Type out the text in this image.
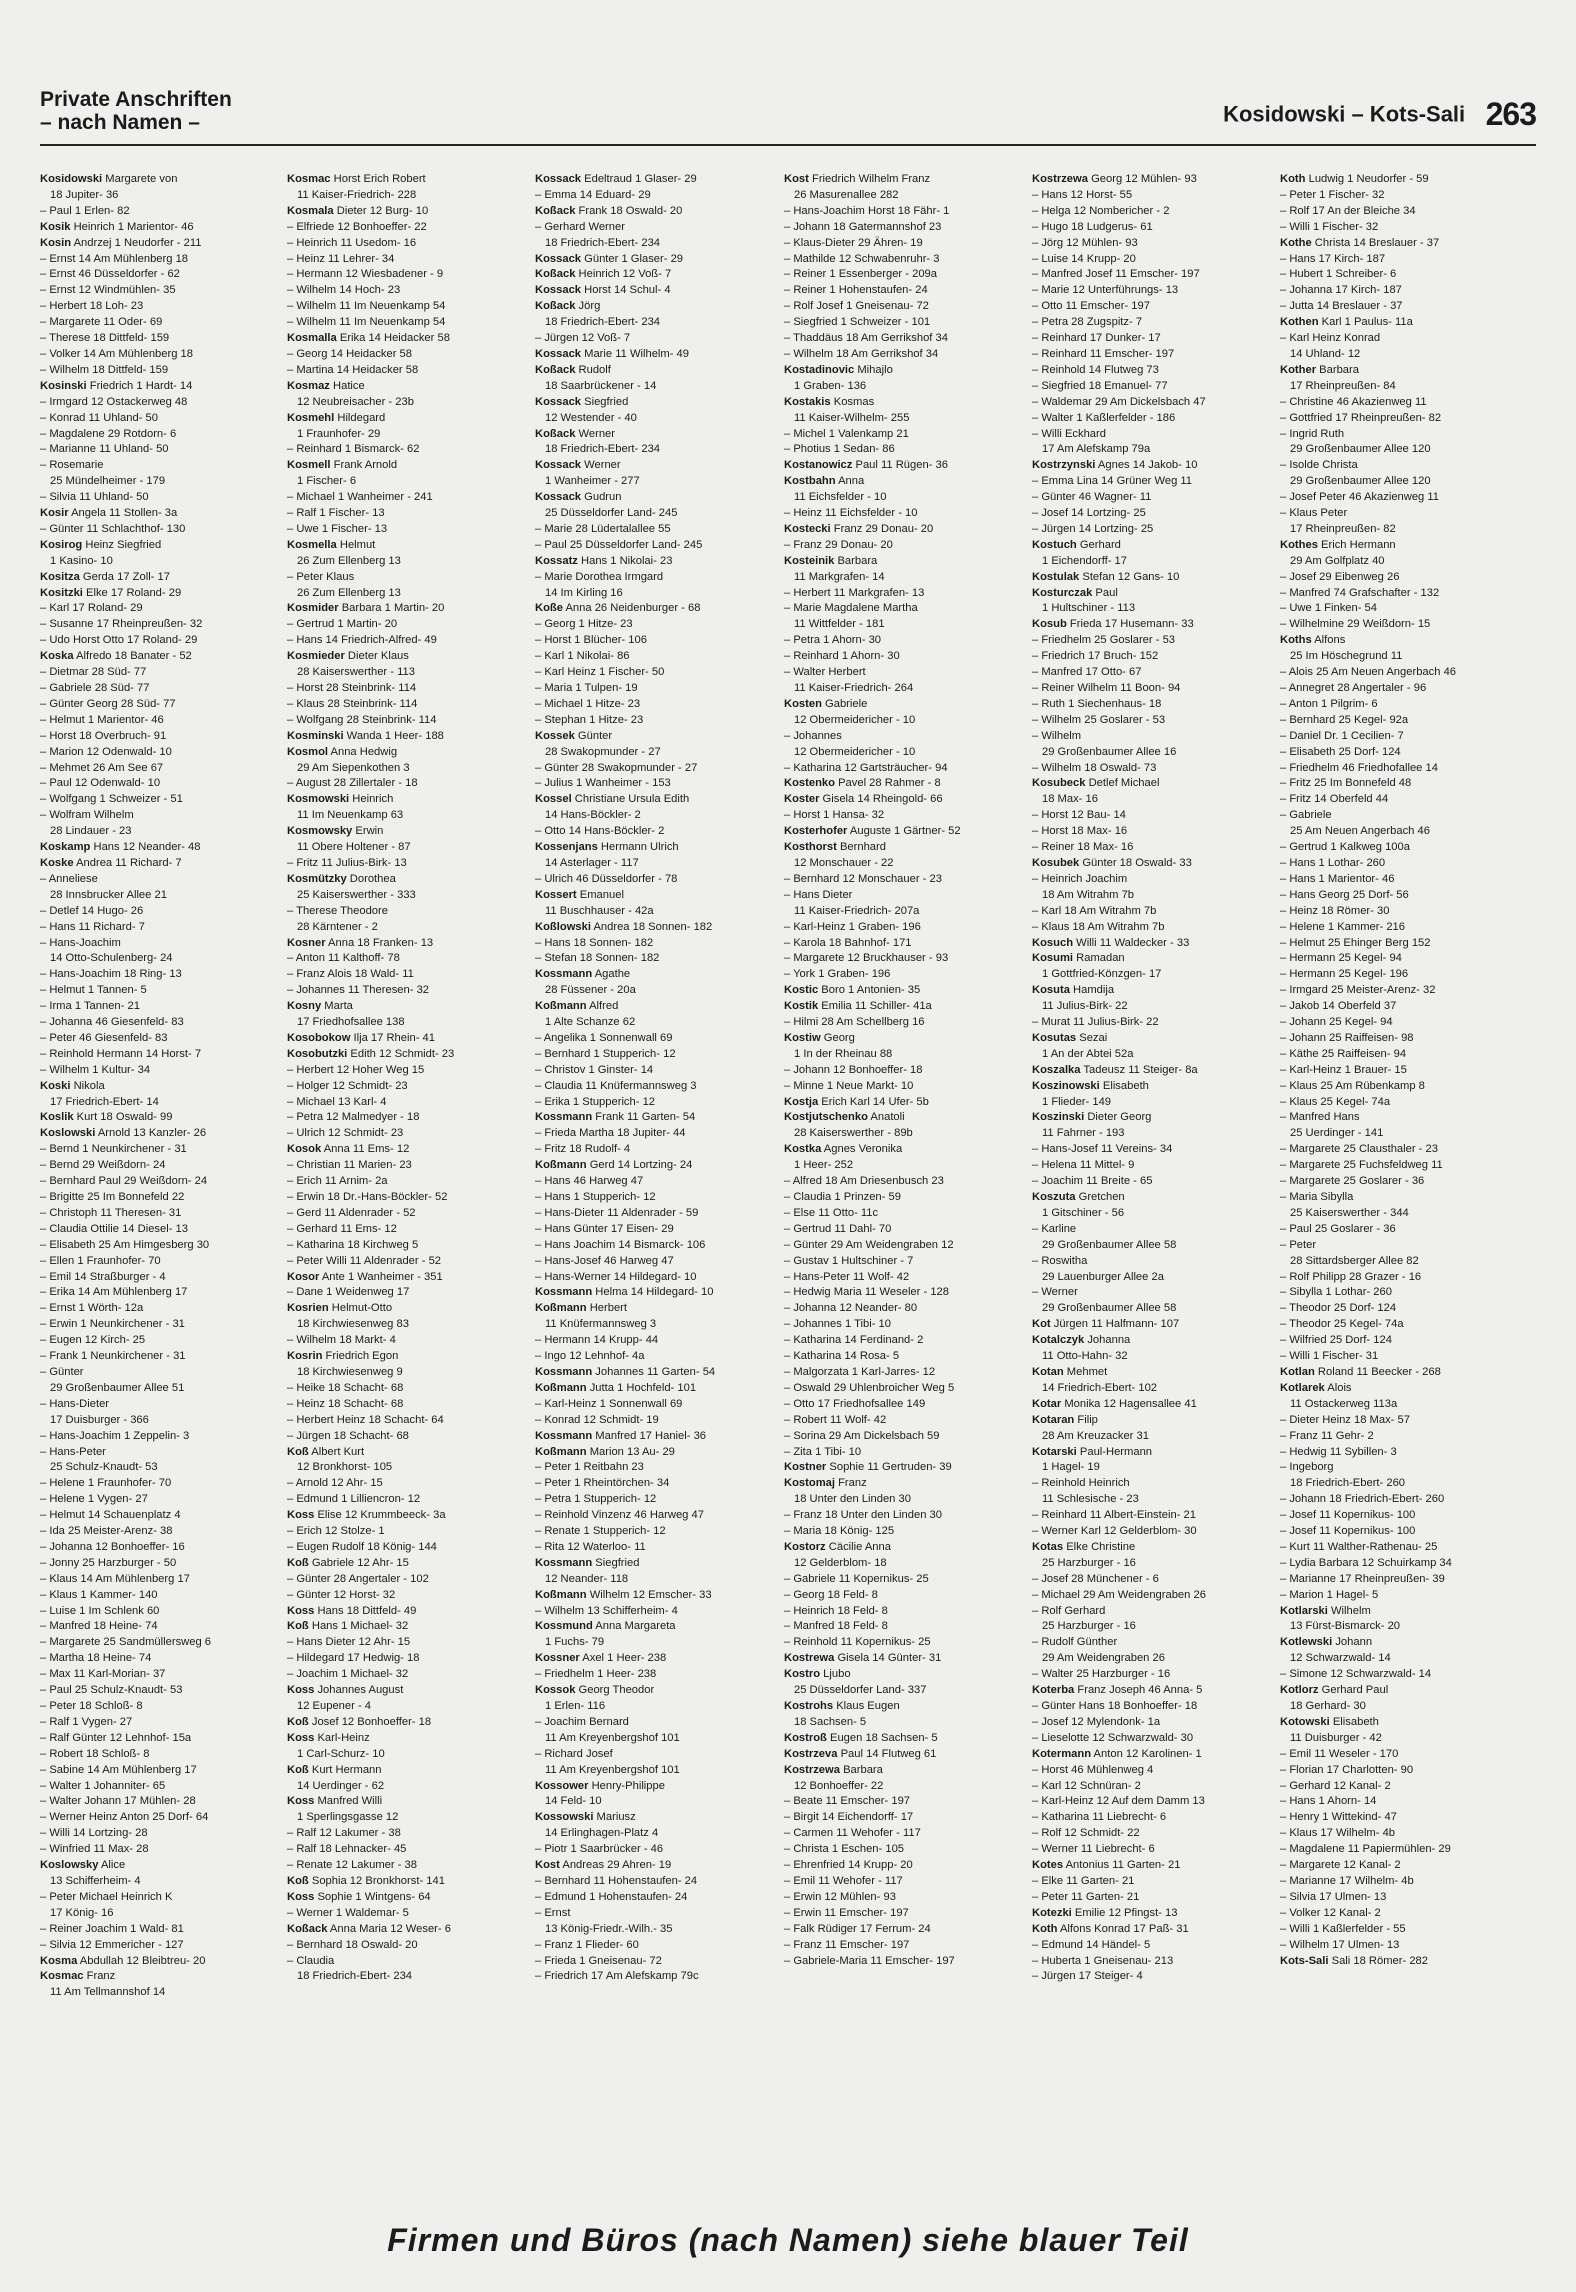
Private Anschriften
– nach Namen –	Kosidowski – Kots-Sali 263
Kosidowski Margarete von
18 Jupiter- 36
– Paul 1 Erlen- 82
Kosik Heinrich 1 Marientor- 46
Kosin Andrzej 1 Neudorfer - 211
– Ernst 14 Am Mühlenberg 18
– Ernst 46 Düsseldorfer - 62
– Ernst 12 Windmühlen- 35
– Herbert 18 Loh- 23
– Margarete 11 Oder- 69
– Therese 18 Dittfeld- 159
– Volker 14 Am Mühlenberg 18
– Wilhelm 18 Dittfeld- 159
Kosinski Friedrich 1 Hardt- 14
– Irmgard 12 Ostackerweg 48
– Konrad 11 Uhland- 50
– Magdalene 29 Rotdorn- 6
– Marianne 11 Uhland- 50
– Rosemarie
25 Mündelheimer - 179
– Silvia 11 Uhland- 50
Kosir Angela 11 Stollen- 3a
– Günter 11 Schlachthof- 130
Kosirog Heinz Siegfried
1 Kasino- 10
Kositza Gerda 17 Zoll- 17
Kositzki Elke 17 Roland- 29
– Karl 17 Roland- 29
– Susanne 17 Rheinpreußen- 32
– Udo Horst Otto 17 Roland- 29
Koska Alfredo 18 Banater - 52
– Dietmar 28 Süd- 77
– Gabriele 28 Süd- 77
– Günter Georg 28 Süd- 77
– Helmut 1 Marientor- 46
– Horst 18 Overbruch- 91
– Marion 12 Odenwald- 10
– Mehmet 26 Am See 67
– Paul 12 Odenwald- 10
– Wolfgang 1 Schweizer - 51
– Wolfram Wilhelm
28 Lindauer - 23
Koskamp Hans 12 Neander- 48
Koske Andrea 11 Richard- 7
– Anneliese
28 Innsbrucker Allee 21
– Detlef 14 Hugo- 26
– Hans 11 Richard- 7
– Hans-Joachim
14 Otto-Schulenberg- 24
– Hans-Joachim 18 Ring- 13
– Helmut 1 Tannen- 5
– Irma 1 Tannen- 21
– Johanna 46 Giesenfeld- 83
– Peter 46 Giesenfeld- 83
– Reinhold Hermann 14 Horst- 7
– Wilhelm 1 Kultur- 34
Koski Nikola
17 Friedrich-Ebert- 14
Koslik Kurt 18 Oswald- 99
Koslowski Arnold 13 Kanzler- 26
– Bernd 1 Neunkirchener - 31
– Bernd 29 Weißdorn- 24
– Bernhard Paul 29 Weißdorn- 24
– Brigitte 25 Im Bonnefeld 22
– Christoph 11 Theresen- 31
– Claudia Ottilie 14 Diesel- 13
– Elisabeth 25 Am Himgesberg 30
– Ellen 1 Fraunhofer- 70
– Emil 14 Straßburger - 4
– Erika 14 Am Mühlenberg 17
– Ernst 1 Wörth- 12a
– Erwin 1 Neunkirchener - 31
– Eugen 12 Kirch- 25
– Frank 1 Neunkirchener - 31
– Günter
29 Großenbaumer Allee 51
– Hans-Dieter
17 Duisburger - 366
– Hans-Joachim 1 Zeppelin- 3
– Hans-Peter
25 Schulz-Knaudt- 53
– Helene 1 Fraunhofer- 70
– Helene 1 Vygen- 27
– Helmut 14 Schauenplatz 4
– Ida 25 Meister-Arenz- 38
– Johanna 12 Bonhoeffer- 16
– Jonny 25 Harzburger - 50
– Klaus 14 Am Mühlenberg 17
– Klaus 1 Kammer- 140
– Luise 1 Im Schlenk 60
– Manfred 18 Heine- 74
– Margarete 25 Sandmüllersweg 6
– Martha 18 Heine- 74
– Max 11 Karl-Morian- 37
– Paul 25 Schulz-Knaudt- 53
– Peter 18 Schloß- 8
– Ralf 1 Vygen- 27
– Ralf Günter 12 Lehnhof- 15a
– Robert 18 Schloß- 8
– Sabine 14 Am Mühlenberg 17
– Walter 1 Johanniter- 65
– Walter Johann 17 Mühlen- 28
– Werner Heinz Anton 25 Dorf- 64
– Willi 14 Lortzing- 28
– Winfried 11 Max- 28
Koslowsky Alice
13 Schifferheim- 4
– Peter Michael Heinrich K
17 König- 16
– Reiner Joachim 1 Wald- 81
– Silvia 12 Emmericher - 127
Kosma Abdullah 12 Bleibtreu- 20
Kosmac Franz
11 Am Tellmannshof 14
Kosmac Horst Erich Robert
11 Kaiser-Friedrich- 228
Kosmala Dieter 12 Burg- 10
– Elfriede 12 Bonhoeffer- 22
– Heinrich 11 Usedom- 16
– Heinz 11 Lehrer- 34
– Hermann 12 Wiesbadener - 9
– Wilhelm 14 Hoch- 23
– Wilhelm 11 Im Neuenkamp 54
– Wilhelm 11 Im Neuenkamp 54
Kosmalla Erika 14 Heidacker 58
– Georg 14 Heidacker 58
– Martina 14 Heidacker 58
Kosmaz Hatice
12 Neubreisacher - 23b
Kosmehl Hildegard
1 Fraunhofer- 29
– Reinhard 1 Bismarck- 62
Kosmell Frank Arnold
1 Fischer- 6
– Michael 1 Wanheimer - 241
– Ralf 1 Fischer- 13
– Uwe 1 Fischer- 13
Kosmella Helmut
26 Zum Ellenberg 13
– Peter Klaus
26 Zum Ellenberg 13
Kosmider Barbara 1 Martin- 20
– Gertrud 1 Martin- 20
– Hans 14 Friedrich-Alfred- 49
Kosmieder Dieter Klaus
28 Kaiserswerther - 113
– Horst 28 Steinbrink- 114
– Klaus 28 Steinbrink- 114
– Wolfgang 28 Steinbrink- 114
Kosminski Wanda 1 Heer- 188
Kosmol Anna Hedwig
29 Am Siepenkothen 3
– August 28 Zillertaler - 18
Kosmowski Heinrich
11 Im Neuenkamp 63
Kosmowsky Erwin
11 Obere Holtener - 87
– Fritz 11 Julius-Birk- 13
Kosmützky Dorothea
25 Kaiserswerther - 333
– Therese Theodore
28 Kärntener - 2
Kosner Anna 18 Franken- 13
– Anton 11 Kalthoff- 78
– Franz Alois 18 Wald- 11
– Johannes 11 Theresen- 32
Kosny Marta
17 Friedhofsallee 138
Kosobokow Ilja 17 Rhein- 41
Kosobutzki Edith 12 Schmidt- 23
– Herbert 12 Hoher Weg 15
– Holger 12 Schmidt- 23
– Michael 13 Karl- 4
– Petra 12 Malmedyer - 18
– Ulrich 12 Schmidt- 23
Kosok Anna 11 Ems- 12
– Christian 11 Marien- 23
– Erich 11 Arnim- 2a
– Erwin 18 Dr.-Hans-Böckler- 52
– Gerd 11 Aldenrader - 52
– Gerhard 11 Ems- 12
– Katharina 18 Kirchweg 5
– Peter Willi 11 Aldenrader - 52
Kosor Ante 1 Wanheimer - 351
– Dane 1 Weidenweg 17
Kosrien Helmut-Otto
18 Kirchwiesenweg 83
– Wilhelm 18 Markt- 4
Kosrin Friedrich Egon
18 Kirchwiesenweg 9
– Heike 18 Schacht- 68
– Heinz 18 Schacht- 68
– Herbert Heinz 18 Schacht- 64
– Jürgen 18 Schacht- 68
Koß Albert Kurt
12 Bronkhorst- 105
– Arnold 12 Ahr- 15
– Edmund 1 Lilliencron- 12
Koss Elise 12 Krummbeeck- 3a
– Erich 12 Stolze- 1
– Eugen Rudolf 18 König- 144
Koß Gabriele 12 Ahr- 15
– Günter 28 Angertaler - 102
– Günter 12 Horst- 32
Koss Hans 18 Dittfeld- 49
Koß Hans 1 Michael- 32
– Hans Dieter 12 Ahr- 15
– Hildegard 17 Hedwig- 18
– Joachim 1 Michael- 32
Koss Johannes August
12 Eupener - 4
Koß Josef 12 Bonhoeffer- 18
Koss Karl-Heinz
1 Carl-Schurz- 10
Koß Kurt Hermann
14 Uerdinger - 62
Koss Manfred Willi
1 Sperlingsgasse 12
– Ralf 12 Lakumer - 38
– Ralf 18 Lehnacker- 45
– Renate 12 Lakumer - 38
Koß Sophia 12 Bronkhorst- 141
Koss Sophie 1 Wintgens- 64
– Werner 1 Waldemar- 5
Koßack Anna Maria 12 Weser- 6
– Bernhard 18 Oswald- 20
– Claudia
18 Friedrich-Ebert- 234
Kossack Edeltraud 1 Glaser- 29
– Emma 14 Eduard- 29
Koßack Frank 18 Oswald- 20
– Gerhard Werner
18 Friedrich-Ebert- 234
Kossack Günter 1 Glaser- 29
Koßack Heinrich 12 Voß- 7
Kossack Horst 14 Schul- 4
Koßack Jörg
18 Friedrich-Ebert- 234
– Jürgen 12 Voß- 7
Kossack Marie 11 Wilhelm- 49
Koßack Rudolf
18 Saarbrückener - 14
Kossack Siegfried
12 Westender - 40
Koßack Werner
18 Friedrich-Ebert- 234
Kossack Werner
1 Wanheimer - 277
Kossack Gudrun
25 Düsseldorfer Land- 245
– Marie 28 Lüdertalallee 55
– Paul 25 Düsseldorfer Land- 245
Kossatz Hans 1 Nikolai- 23
– Marie Dorothea Irmgard
14 Im Kirling 16
Koße Anna 26 Neidenburger - 68
– Georg 1 Hitze- 23
– Horst 1 Blücher- 106
– Karl 1 Nikolai- 86
– Karl Heinz 1 Fischer- 50
– Maria 1 Tulpen- 19
– Michael 1 Hitze- 23
– Stephan 1 Hitze- 23
Kossek Günter
28 Swakopmunder - 27
– Günter 28 Swakopmunder - 27
– Julius 1 Wanheimer - 153
Kossel Christiane Ursula Edith
14 Hans-Böckler- 2
– Otto 14 Hans-Böckler- 2
Kossenjans Hermann Ulrich
14 Asterlager - 117
– Ulrich 46 Düsseldorfer - 78
Kossert Emanuel
11 Buschhauser - 42a
Koßlowski Andrea 18 Sonnen- 182
– Hans 18 Sonnen- 182
– Stefan 18 Sonnen- 182
Kossmann Agathe
28 Füssener - 20a
Koßmann Alfred
1 Alte Schanze 62
– Angelika 1 Sonnenwall 69
– Bernhard 1 Stupperich- 12
– Christov 1 Ginster- 14
– Claudia 11 Knüfermannsweg 3
– Erika 1 Stupperich- 12
Kossmann Frank 11 Garten- 54
– Frieda Martha 18 Jupiter- 44
– Fritz 18 Rudolf- 4
Koßmann Gerd 14 Lortzing- 24
– Hans 46 Harweg 47
– Hans 1 Stupperich- 12
– Hans-Dieter 11 Aldenrader - 59
– Hans Günter 17 Eisen- 29
– Hans Joachim 14 Bismarck- 106
– Hans-Josef 46 Harweg 47
– Hans-Werner 14 Hildegard- 10
Kossmann Helma 14 Hildegard- 10
Koßmann Herbert
11 Knüfermannsweg 3
– Hermann 14 Krupp- 44
– Ingo 12 Lehnhof- 4a
Kossmann Johannes 11 Garten- 54
Koßmann Jutta 1 Hochfeld- 101
– Karl-Heinz 1 Sonnenwall 69
– Konrad 12 Schmidt- 19
Kossmann Manfred 17 Haniel- 36
Koßmann Marion 13 Au- 29
– Peter 1 Reitbahn 23
– Peter 1 Rheintörchen- 34
– Petra 1 Stupperich- 12
– Reinhold Vinzenz 46 Harweg 47
– Renate 1 Stupperich- 12
– Rita 12 Waterloo- 11
Kossmann Siegfried
12 Neander- 118
Koßmann Wilhelm 12 Emscher- 33
– Wilhelm 13 Schifferheim- 4
Kossmund Anna Margareta
1 Fuchs- 79
Kossner Axel 1 Heer- 238
– Friedhelm 1 Heer- 238
Kossok Georg Theodor
1 Erlen- 116
– Joachim Bernard
11 Am Kreyenbergshof 101
– Richard Josef
11 Am Kreyenbergshof 101
Kossower Henry-Philippe
14 Feld- 10
Kossowski Mariusz
14 Erlinghagen-Platz 4
– Piotr 1 Saarbrücker - 46
Kost Andreas 29 Ahren- 19
– Bernhard 11 Hohenstaufen- 24
– Edmund 1 Hohenstaufen- 24
– Ernst
13 König-Friedr.-Wilh.- 35
– Franz 1 Flieder- 60
– Frieda 1 Gneisenau- 72
– Friedrich 17 Am Alefskamp 79c
Kost Friedrich Wilhelm Franz
26 Masurenallee 282
– Hans-Joachim Horst 18 Fähr- 1
– Johann 18 Gatermannshof 23
– Klaus-Dieter 29 Ähren- 19
– Mathilde 12 Schwabenruhr- 3
– Reiner 1 Essenberger - 209a
– Reiner 1 Hohenstaufen- 24
– Rolf Josef 1 Gneisenau- 72
– Siegfried 1 Schweizer - 101
– Thaddäus 18 Am Gerrikshof 34
– Wilhelm 18 Am Gerrikshof 34
Kostadinovic Mihajlo
1 Graben- 136
Kostakis Kosmas
11 Kaiser-Wilhelm- 255
– Michel 1 Valenkamp 21
– Photius 1 Sedan- 86
Kostanowicz Paul 11 Rügen- 36
Kostbahn Anna
11 Eichsfelder - 10
– Heinz 11 Eichsfelder - 10
Kostecki Franz 29 Donau- 20
– Franz 29 Donau- 20
Kosteinik Barbara
11 Markgrafen- 14
– Herbert 11 Markgrafen- 13
– Marie Magdalene Martha
11 Wittfelder - 181
– Petra 1 Ahorn- 30
– Reinhard 1 Ahorn- 30
– Walter Herbert
11 Kaiser-Friedrich- 264
Kosten Gabriele
12 Obermeidericher - 10
– Johannes
12 Obermeidericher - 10
– Katharina 12 Gartsträucher- 94
Kostenko Pavel 28 Rahmer - 8
Koster Gisela 14 Rheingold- 66
– Horst 1 Hansa- 32
Kosterhofer Auguste 1 Gärtner- 52
Kosthorst Bernhard
12 Monschauer - 22
– Bernhard 12 Monschauer - 23
– Hans Dieter
11 Kaiser-Friedrich- 207a
– Karl-Heinz 1 Graben- 196
– Karola 18 Bahnhof- 171
– Margarete 12 Bruckhauser - 93
– York 1 Graben- 196
Kostic Boro 1 Antonien- 35
Kostik Emilia 11 Schiller- 41a
– Hilmi 28 Am Schellberg 16
Kostiw Georg
1 In der Rheinau 88
– Johann 12 Bonhoeffer- 18
– Minne 1 Neue Markt- 10
Kostja Erich Karl 14 Ufer- 5b
Kostjutschenko Anatoli
28 Kaiserswerther - 89b
Kostka Agnes Veronika
1 Heer- 252
– Alfred 18 Am Driesenbusch 23
– Claudia 1 Prinzen- 59
– Else 11 Otto- 11c
– Gertrud 11 Dahl- 70
– Günter 29 Am Weidengraben 12
– Gustav 1 Hultschiner - 7
– Hans-Peter 11 Wolf- 42
– Hedwig Maria 11 Weseler - 128
– Johanna 12 Neander- 80
– Johannes 1 Tibi- 10
– Katharina 14 Ferdinand- 2
– Katharina 14 Rosa- 5
– Malgorzata 1 Karl-Jarres- 12
– Oswald 29 Uhlenbroicher Weg 5
– Otto 17 Friedhofsallee 149
– Robert 11 Wolf- 42
– Sorina 29 Am Dickelsbach 59
– Zita 1 Tibi- 10
Kostner Sophie 11 Gertruden- 39
Kostomaj Franz
18 Unter den Linden 30
– Franz 18 Unter den Linden 30
– Maria 18 König- 125
Kostorz Cäcilie Anna
12 Gelderblom- 18
– Gabriele 11 Kopernikus- 25
– Georg 18 Feld- 8
– Heinrich 18 Feld- 8
– Manfred 18 Feld- 8
– Reinhold 11 Kopernikus- 25
Kostrewa Gisela 14 Günter- 31
Kostro Ljubo
25 Düsseldorfer Land- 337
Kostrohs Klaus Eugen
18 Sachsen- 5
Kostroß Eugen 18 Sachsen- 5
Kostrzeva Paul 14 Flutweg 61
Kostrzewa Barbara
12 Bonhoeffer- 22
– Beate 11 Emscher- 197
– Birgit 14 Eichendorff- 17
– Carmen 11 Wehofer - 117
– Christa 1 Eschen- 105
– Ehrenfried 14 Krupp- 20
– Emil 11 Wehofer - 117
– Erwin 12 Mühlen- 93
– Erwin 11 Emscher- 197
– Falk Rüdiger 17 Ferrum- 24
– Franz 11 Emscher- 197
– Gabriele-Maria 11 Emscher- 197
Kostrzewa Georg 12 Mühlen- 93
– Hans 12 Horst- 55
– Helga 12 Nombericher - 2
– Hugo 18 Ludgerus- 61
– Jörg 12 Mühlen- 93
– Luise 14 Krupp- 20
– Manfred Josef 11 Emscher- 197
– Marie 12 Unterführungs- 13
– Otto 11 Emscher- 197
– Petra 28 Zugspitz- 7
– Reinhard 17 Dunker- 17
– Reinhard 11 Emscher- 197
– Reinhold 14 Flutweg 73
– Siegfried 18 Emanuel- 77
– Waldemar 29 Am Dickelsbach 47
– Walter 1 Kaßlerfelder - 186
– Willi Eckhard
17 Am Alefskamp 79a
Kostrzynski Agnes 14 Jakob- 10
– Emma Lina 14 Grüner Weg 11
– Günter 46 Wagner- 11
– Josef 14 Lortzing- 25
– Jürgen 14 Lortzing- 25
Kostuch Gerhard
1 Eichendorff- 17
Kostulak Stefan 12 Gans- 10
Kosturczak Paul
1 Hultschiner - 113
Kosub Frieda 17 Husemann- 33
– Friedhelm 25 Goslarer - 53
– Friedrich 17 Bruch- 152
– Manfred 17 Otto- 67
– Reiner Wilhelm 11 Boon- 94
– Ruth 1 Siechenhaus- 18
– Wilhelm 25 Goslarer - 53
– Wilhelm
29 Großenbaumer Allee 16
– Wilhelm 18 Oswald- 73
Kosubeck Detlef Michael
18 Max- 16
– Horst 12 Bau- 14
– Horst 18 Max- 16
– Reiner 18 Max- 16
Kosubek Günter 18 Oswald- 33
– Heinrich Joachim
18 Am Witrahm 7b
– Karl 18 Am Witrahm 7b
– Klaus 18 Am Witrahm 7b
Kosuch Willi 11 Waldecker - 33
Kosumi Ramadan
1 Gottfried-Könzgen- 17
Kosuta Hamdija
11 Julius-Birk- 22
– Murat 11 Julius-Birk- 22
Kosutas Sezai
1 An der Abtei 52a
Koszalka Tadeusz 11 Steiger- 8a
Koszinowski Elisabeth
1 Flieder- 149
Koszinski Dieter Georg
11 Fahrner - 193
– Hans-Josef 11 Vereins- 34
– Helena 11 Mittel- 9
– Joachim 11 Breite - 65
Koszuta Gretchen
1 Gitschiner - 56
– Karline
29 Großenbaumer Allee 58
– Roswitha
29 Lauenburger Allee 2a
– Werner
29 Großenbaumer Allee 58
Kot Jürgen 11 Halfmann- 107
Kotalczyk Johanna
11 Otto-Hahn- 32
Kotan Mehmet
14 Friedrich-Ebert- 102
Kotar Monika 12 Hagensallee 41
Kotaran Filip
28 Am Kreuzacker 31
Kotarski Paul-Hermann
1 Hagel- 19
– Reinhold Heinrich
11 Schlesische - 23
– Reinhard 11 Albert-Einstein- 21
– Werner Karl 12 Gelderblom- 30
Kotas Elke Christine
25 Harzburger - 16
– Josef 28 Münchener - 6
– Michael 29 Am Weidengraben 26
– Rolf Gerhard
25 Harzburger - 16
– Rudolf Günther
29 Am Weidengraben 26
– Walter 25 Harzburger - 16
Koterba Franz Joseph 46 Anna- 5
– Günter Hans 18 Bonhoeffer- 18
– Josef 12 Mylendonk- 1a
– Lieselotte 12 Schwarzwald- 30
Kotermann Anton 12 Karolinen- 1
– Horst 46 Mühlenweg 4
– Karl 12 Schnüran- 2
– Karl-Heinz 12 Auf dem Damm 13
– Katharina 11 Liebrecht- 6
– Rolf 12 Schmidt- 22
– Werner 11 Liebrecht- 6
Kotes Antonius 11 Garten- 21
– Elke 11 Garten- 21
– Peter 11 Garten- 21
Kotezki Emilie 12 Pfingst- 13
Koth Alfons Konrad 17 Paß- 31
– Edmund 14 Händel- 5
– Huberta 1 Gneisenau- 213
– Jürgen 17 Steiger- 4
Koth Ludwig 1 Neudorfer - 59
– Peter 1 Fischer- 32
– Rolf 17 An der Bleiche 34
– Willi 1 Fischer- 32
Kothe Christa 14 Breslauer - 37
– Hans 17 Kirch- 187
– Hubert 1 Schreiber- 6
– Johanna 17 Kirch- 187
– Jutta 14 Breslauer - 37
Kothen Karl 1 Paulus- 11a
– Karl Heinz Konrad
14 Uhland- 12
Kother Barbara
17 Rheinpreußen- 84
– Christine 46 Akazienweg 11
– Gottfried 17 Rheinpreußen- 82
– Ingrid Ruth
29 Großenbaumer Allee 120
– Isolde Christa
29 Großenbaumer Allee 120
– Josef Peter 46 Akazienweg 11
– Klaus Peter
17 Rheinpreußen- 82
Kothes Erich Hermann
29 Am Golfplatz 40
– Josef 29 Eibenweg 26
– Manfred 74 Grafschafter - 132
– Uwe 1 Finken- 54
– Wilhelmine 29 Weißdorn- 15
Koths Alfons
25 Im Höschegrund 11
– Alois 25 Am Neuen Angerbach 46
– Annegret 28 Angertaler - 96
– Anton 1 Pilgrim- 6
– Bernhard 25 Kegel- 92a
– Daniel Dr. 1 Cecilien- 7
– Elisabeth 25 Dorf- 124
– Friedhelm 46 Friedhofallee 14
– Fritz 25 Im Bonnefeld 48
– Fritz 14 Oberfeld 44
– Gabriele
25 Am Neuen Angerbach 46
– Gertrud 1 Kalkweg 100a
– Hans 1 Lothar- 260
– Hans 1 Marientor- 46
– Hans Georg 25 Dorf- 56
– Heinz 18 Römer- 30
– Helene 1 Kammer- 216
– Helmut 25 Ehinger Berg 152
– Hermann 25 Kegel- 94
– Hermann 25 Kegel- 196
– Irmgard 25 Meister-Arenz- 32
– Jakob 14 Oberfeld 37
– Johann 25 Kegel- 94
– Johann 25 Raiffeisen- 98
– Käthe 25 Raiffeisen- 94
– Karl-Heinz 1 Brauer- 15
– Klaus 25 Am Rübenkamp 8
– Klaus 25 Kegel- 74a
– Manfred Hans
25 Uerdinger - 141
– Margarete 25 Clausthaler - 23
– Margarete 25 Fuchsfeldweg 11
– Margarete 25 Goslarer - 36
– Maria Sibylla
25 Kaiserswerther - 344
– Paul 25 Goslarer - 36
– Peter
28 Sittardsberger Allee 82
– Rolf Philipp 28 Grazer - 16
– Sibylla 1 Lothar- 260
– Theodor 25 Dorf- 124
– Theodor 25 Kegel- 74a
– Wilfried 25 Dorf- 124
– Willi 1 Fischer- 31
Kotlan Roland 11 Beecker - 268
Kotlarek Alois
11 Ostackerweg 113a
– Dieter Heinz 18 Max- 57
– Franz 11 Gehr- 2
– Hedwig 11 Sybillen- 3
– Ingeborg
18 Friedrich-Ebert- 260
– Johann 18 Friedrich-Ebert- 260
– Josef 11 Kopernikus- 100
– Josef 11 Kopernikus- 100
– Kurt 11 Walther-Rathenau- 25
– Lydia Barbara 12 Schuirkamp 34
– Marianne 17 Rheinpreußen- 39
– Marion 1 Hagel- 5
Kotlarski Wilhelm
13 Fürst-Bismarck- 20
Kotlewski Johann
12 Schwarzwald- 14
– Simone 12 Schwarzwald- 14
Kotlorz Gerhard Paul
18 Gerhard- 30
Kotowski Elisabeth
11 Duisburger - 42
– Emil 11 Weseler - 170
– Florian 17 Charlotten- 90
– Gerhard 12 Kanal- 2
– Hans 1 Ahorn- 14
– Henry 1 Wittekind- 47
– Klaus 17 Wilhelm- 4b
– Magdalene 11 Papiermühlen- 29
– Margarete 12 Kanal- 2
– Marianne 17 Wilhelm- 4b
– Silvia 17 Ulmen- 13
– Volker 12 Kanal- 2
– Willi 1 Kaßlerfelder - 55
– Wilhelm 17 Ulmen- 13
Kots-Sali Sali 18 Römer- 282
Firmen und Büros (nach Namen) siehe blauer Teil
